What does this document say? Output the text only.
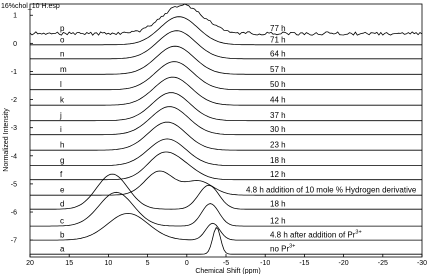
16%chol_10 H.esp
20	15	10	5	0	-5	-10	-15	-20	-25	-30
1
0
-1
-2
-3
-4
-5
-6
-7
a
b
c
d
e
f
g
h
i
j
k
l
m
n
o
p
no $Pr^{3+}$
4.8 h after addition of $Pr^{3+}$
12 h
18 h
4.8 h addition of 10 mole % Hydrogen derivative
12 h
18 h
23 h
30 h
37 h
44 h
50 h
57 h
64 h
71 h
77 h
Chemical Shift (ppm)
Normalized Intensity
